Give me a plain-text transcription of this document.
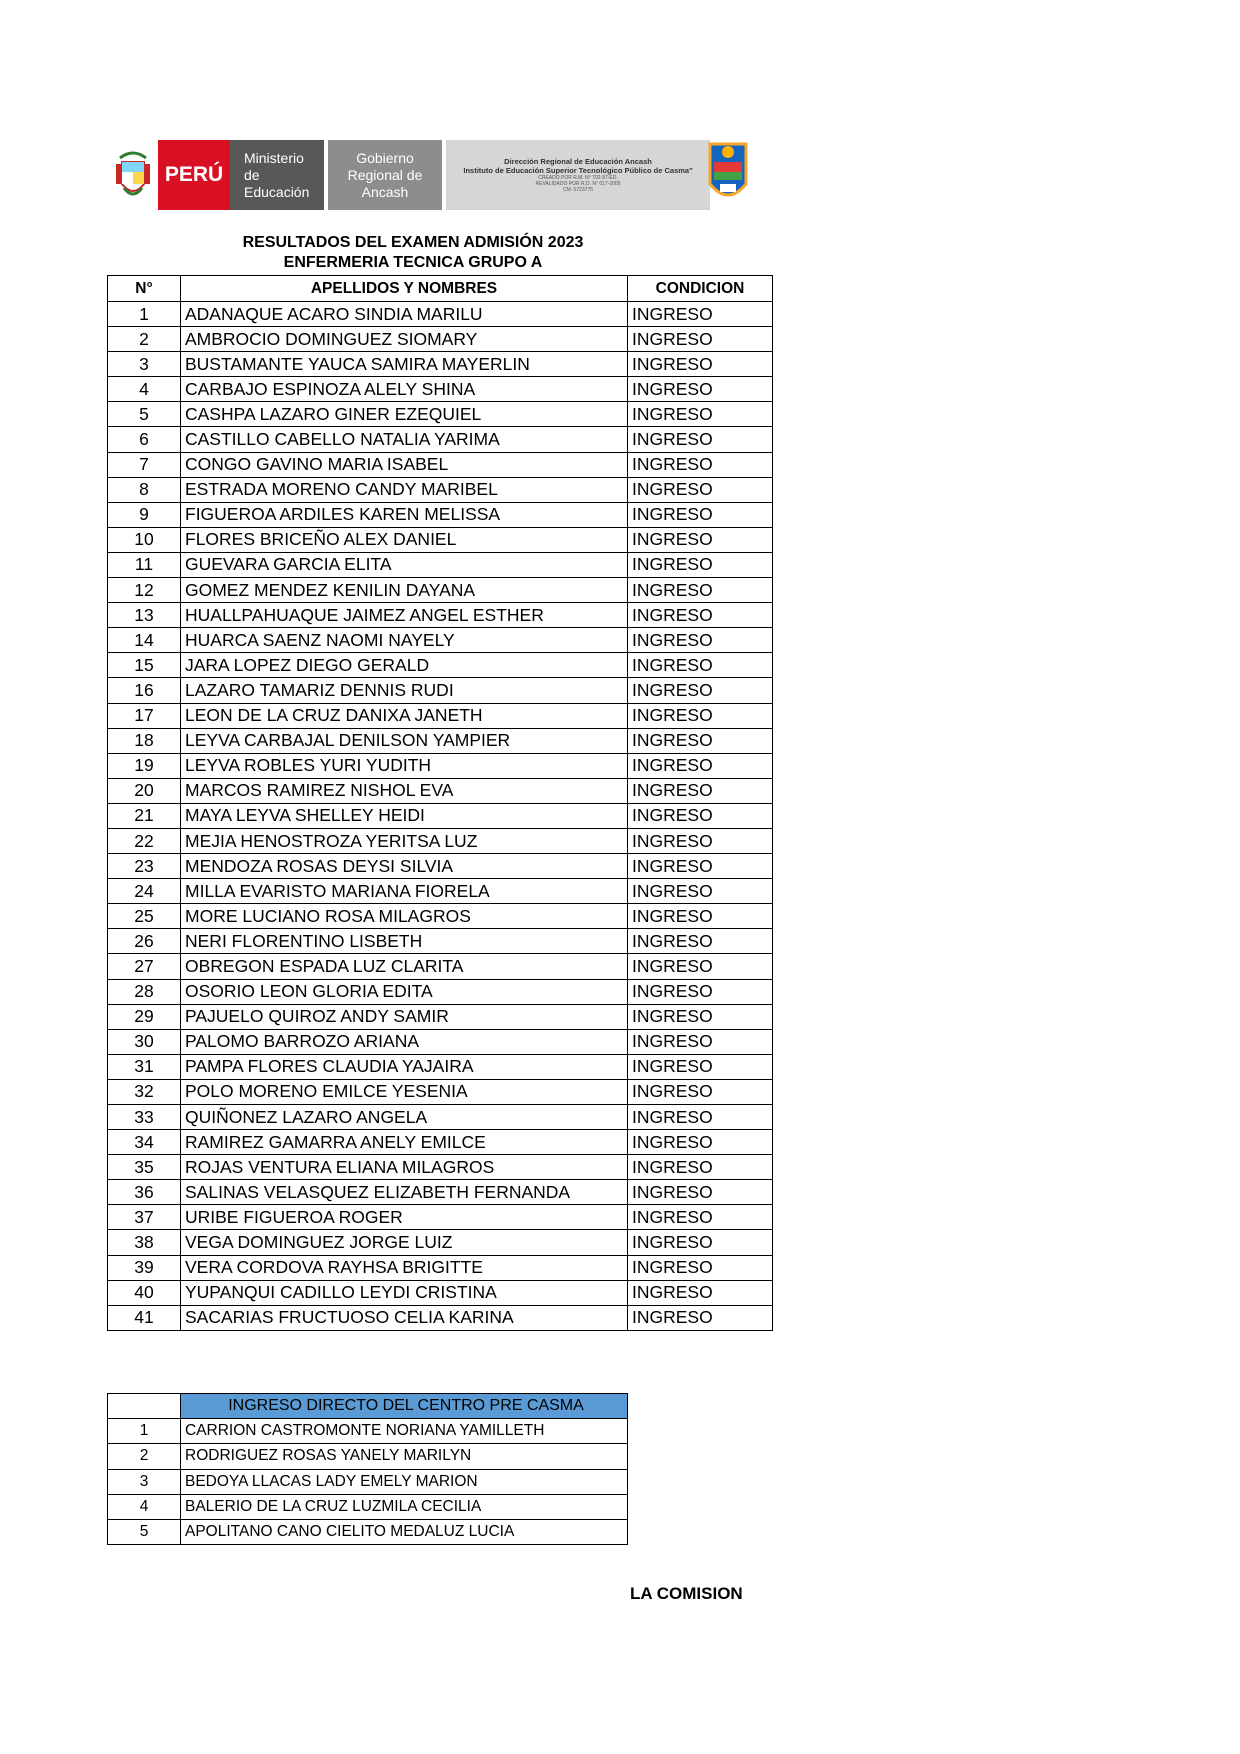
PERÚ
Ministerio
de Educación
Gobierno Regional de
Ancash
Dirección Regional de Educación Ancash
Instituto de Educación Superior Tecnológico Público de Casma"
CREADO POR R.M. N° 702-87-ED.
REVALIDADO POR R.D. N° 017-2005
CM. 0723775
RESULTADOS DEL EXAMEN ADMISIÓN 2023
ENFERMERIA TECNICA GRUPO A
N°	APELLIDOS Y NOMBRES	CONDICION
1	ADANAQUE ACARO SINDIA MARILU	INGRESO
2	AMBROCIO DOMINGUEZ SIOMARY	INGRESO
3	BUSTAMANTE YAUCA SAMIRA MAYERLIN	INGRESO
4	CARBAJO ESPINOZA ALELY SHINA	INGRESO
5	CASHPA LAZARO GINER EZEQUIEL	INGRESO
6	CASTILLO CABELLO NATALIA YARIMA	INGRESO
7	CONGO GAVINO MARIA ISABEL	INGRESO
8	ESTRADA MORENO CANDY MARIBEL	INGRESO
9	FIGUEROA ARDILES KAREN MELISSA	INGRESO
10	FLORES BRICEÑO ALEX DANIEL	INGRESO
11	GUEVARA GARCIA ELITA	INGRESO
12	GOMEZ MENDEZ KENILIN DAYANA	INGRESO
13	HUALLPAHUAQUE JAIMEZ ANGEL ESTHER	INGRESO
14	HUARCA SAENZ NAOMI NAYELY	INGRESO
15	JARA LOPEZ DIEGO GERALD	INGRESO
16	LAZARO TAMARIZ DENNIS RUDI	INGRESO
17	LEON DE LA CRUZ DANIXA JANETH	INGRESO
18	LEYVA CARBAJAL DENILSON YAMPIER	INGRESO
19	LEYVA ROBLES YURI YUDITH	INGRESO
20	MARCOS RAMIREZ NISHOL EVA	INGRESO
21	MAYA LEYVA SHELLEY HEIDI	INGRESO
22	MEJIA HENOSTROZA YERITSA LUZ	INGRESO
23	MENDOZA ROSAS DEYSI SILVIA	INGRESO
24	MILLA EVARISTO MARIANA FIORELA	INGRESO
25	MORE LUCIANO ROSA MILAGROS	INGRESO
26	NERI FLORENTINO LISBETH	INGRESO
27	OBREGON ESPADA LUZ CLARITA	INGRESO
28	OSORIO LEON GLORIA EDITA	INGRESO
29	PAJUELO QUIROZ ANDY SAMIR	INGRESO
30	PALOMO BARROZO ARIANA	INGRESO
31	PAMPA FLORES CLAUDIA YAJAIRA	INGRESO
32	POLO MORENO EMILCE YESENIA	INGRESO
33	QUIÑONEZ LAZARO ANGELA	INGRESO
34	RAMIREZ GAMARRA ANELY EMILCE	INGRESO
35	ROJAS VENTURA ELIANA MILAGROS	INGRESO
36	SALINAS VELASQUEZ ELIZABETH FERNANDA	INGRESO
37	URIBE FIGUEROA ROGER	INGRESO
38	VEGA DOMINGUEZ JORGE LUIZ	INGRESO
39	VERA CORDOVA RAYHSA BRIGITTE	INGRESO
40	YUPANQUI CADILLO LEYDI CRISTINA	INGRESO
41	SACARIAS FRUCTUOSO CELIA KARINA	INGRESO
	INGRESO DIRECTO DEL CENTRO PRE CASMA
1	CARRION CASTROMONTE NORIANA YAMILLETH
2	RODRIGUEZ ROSAS YANELY MARILYN
3	BEDOYA LLACAS LADY EMELY MARION
4	BALERIO DE LA CRUZ LUZMILA CECILIA
5	APOLITANO CANO CIELITO MEDALUZ LUCIA
LA COMISION
